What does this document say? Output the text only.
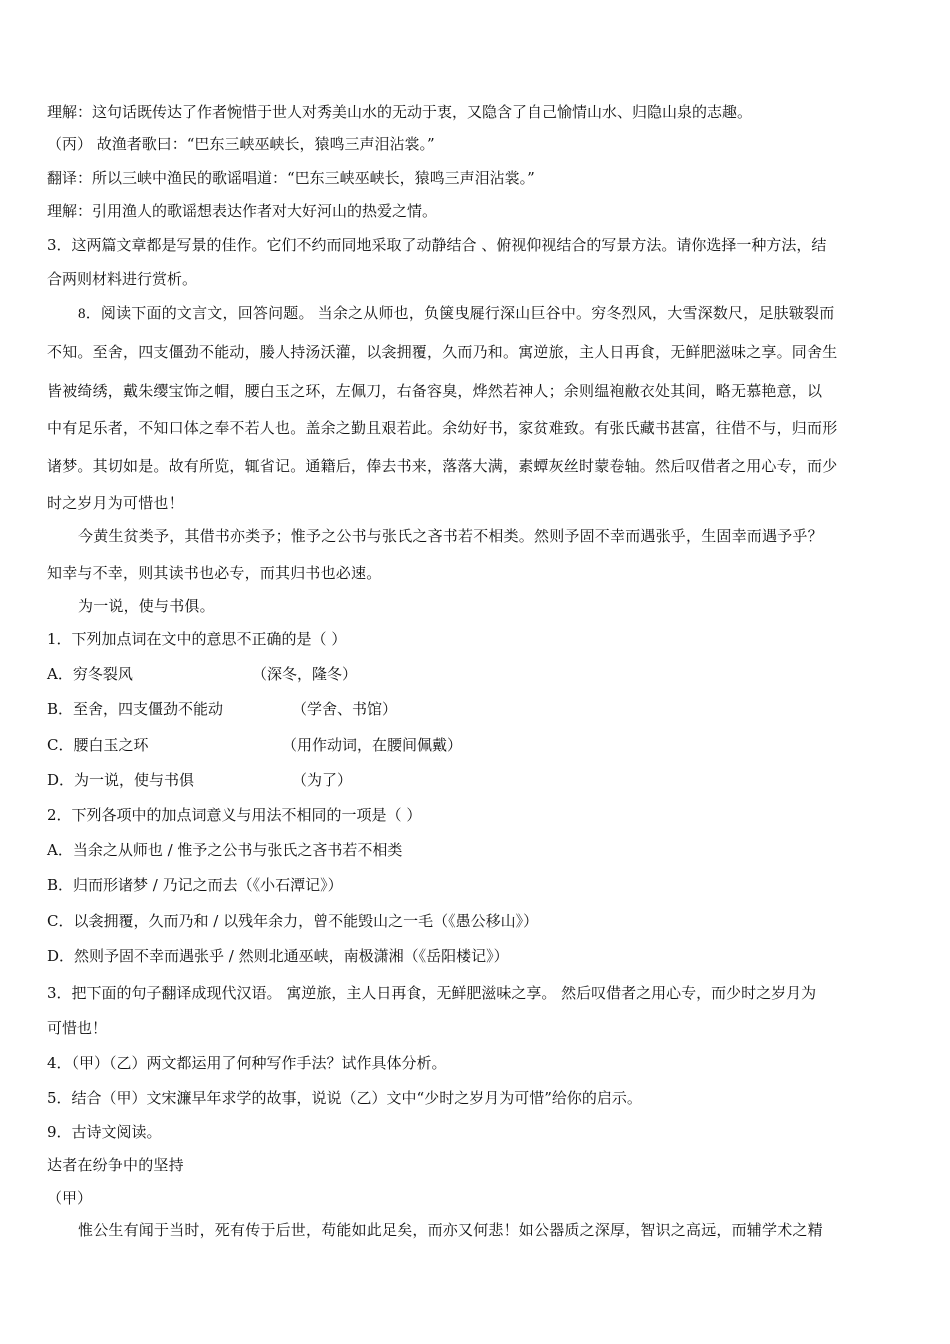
理解：这句话既传达了作者惋惜于世人对秀美山水的无动于衷，又隐含了自己愉情山水、归隐山泉的志趣。
（丙） 故渔者歌曰：“巴东三峡巫峡长，猿鸣三声泪沾裳。”
翻译：所以三峡中渔民的歌谣唱道：“巴东三峡巫峡长，猿鸣三声泪沾裳。”
理解：引用渔人的歌谣想表达作者对大好河山的热爱之情。
3．这两篇文章都是写景的佳作。它们不约而同地采取了动静结合 、俯视仰视结合的写景方法。请你选择一种方法，结
合两则材料进行赏析。
8．阅读下面的文言文，回答问题。 当余之从师也，负箧曳屣行深山巨谷中。穷冬烈风，大雪深数尺，足肤皲裂而
不知。至舍，四支僵劲不能动，媵人持汤沃灌，以衾拥覆，久而乃和。寓逆旅，主人日再食，无鲜肥滋味之享。同舍生
皆被绮绣，戴朱缨宝饰之帽，腰白玉之环，左佩刀，右备容臭，烨然若神人；余则缊袍敝衣处其间，略无慕艳意，以
中有足乐者，不知口体之奉不若人也。盖余之勤且艰若此。余幼好书，家贫难致。有张氏藏书甚富，往借不与，归而形
诸梦。其切如是。故有所览，辄省记。通籍后，俸去书来，落落大满，素蟫灰丝时蒙卷轴。然后叹借者之用心专，而少
时之岁月为可惜也！
今黄生贫类予，其借书亦类予；惟予之公书与张氏之吝书若不相类。然则予固不幸而遇张乎，生固幸而遇予乎？
知幸与不幸，则其读书也必专，而其归书也必速。
为一说，使与书俱。
1．下列加点词在文中的意思不正确的是（ ）
A．穷冬裂风	（深冬，隆冬）
B．至舍，四支僵劲不能动	（学舍、书馆）
C．腰白玉之环	（用作动词，在腰间佩戴）
D．为一说，使与书俱	（为了）
2．下列各项中的加点词意义与用法不相同的一项是（ ）
A．当余之从师也 / 惟予之公书与张氏之吝书若不相类
B．归而形诸梦 / 乃记之而去（《小石潭记》）
C．以衾拥覆，久而乃和 / 以残年余力，曾不能毁山之一毛（《愚公移山》）
D．然则予固不幸而遇张乎 / 然则北通巫峡，南极潇湘（《岳阳楼记》）
3．把下面的句子翻译成现代汉语。 寓逆旅，主人日再食，无鲜肥滋味之享。 然后叹借者之用心专，而少时之岁月为
可惜也！
4．（甲）（乙）两文都运用了何种写作手法？试作具体分析。
5．结合（甲）文宋濂早年求学的故事，说说（乙）文中“少时之岁月为可惜”给你的启示。
9．古诗文阅读。
达者在纷争中的坚持
（甲）
惟公生有闻于当时，死有传于后世，苟能如此足矣，而亦又何悲！如公器质之深厚，智识之高远，而辅学术之精
